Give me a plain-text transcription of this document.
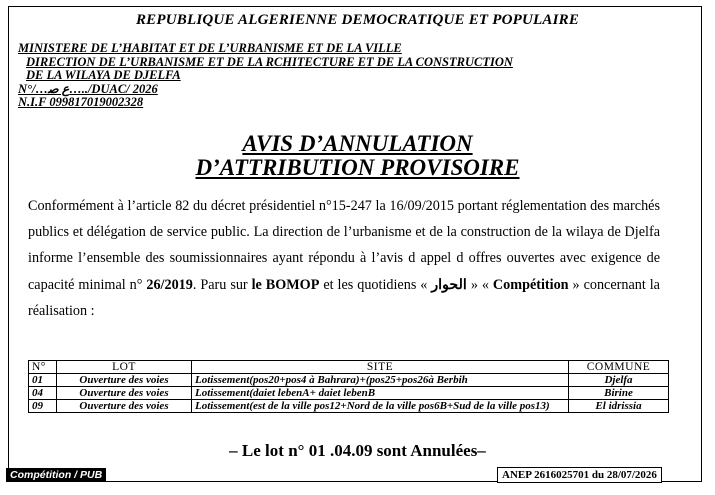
REPUBLIQUE ALGERIENNE DEMOCRATIQUE ET POPULAIRE
MINISTERE DE L’HABITAT ET DE L’URBANISME ET DE LA VILLE
DIRECTION DE L’URBANISME ET DE LA RCHITECTURE ET DE LA CONSTRUCTION
DE LA WILAYA DE DJELFA
N°/…ع ﺻ…../DUAC/ 2026
N.I.F 099817019002328
AVIS D’ANNULATION
D’ATTRIBUTION PROVISOIRE
Conformément à l’article 82 du décret présidentiel n°15-247 la 16/09/2015 portant réglementation des marchés publics et délégation de service public. La direction de l’urbanisme et de la construction de la wilaya de Djelfa informe l’ensemble des soumissionnaires ayant répondu à l’avis d appel d offres ouvertes avec exigence de capacité minimal n° 26/2019. Paru sur le BOMOP et les quotidiens « الحوار » « Compétition » concernant la réalisation :
N°	LOT	SITE	COMMUNE
01	Ouverture des voies	Lotissement(pos20+pos4 à Bahrara)+(pos25+pos26à Berbih	Djelfa
04	Ouverture des voies	Lotissement(daiet lebenA+ daiet lebenB	Birine
09	Ouverture des voies	Lotissement(est de la ville pos12+Nord de la ville pos6B+Sud de la ville pos13)	El idrissia
– Le lot n° 01 .04.09 sont Annulées–
Compétition / PUB	ANEP 2616025701 du 28/07/2026
